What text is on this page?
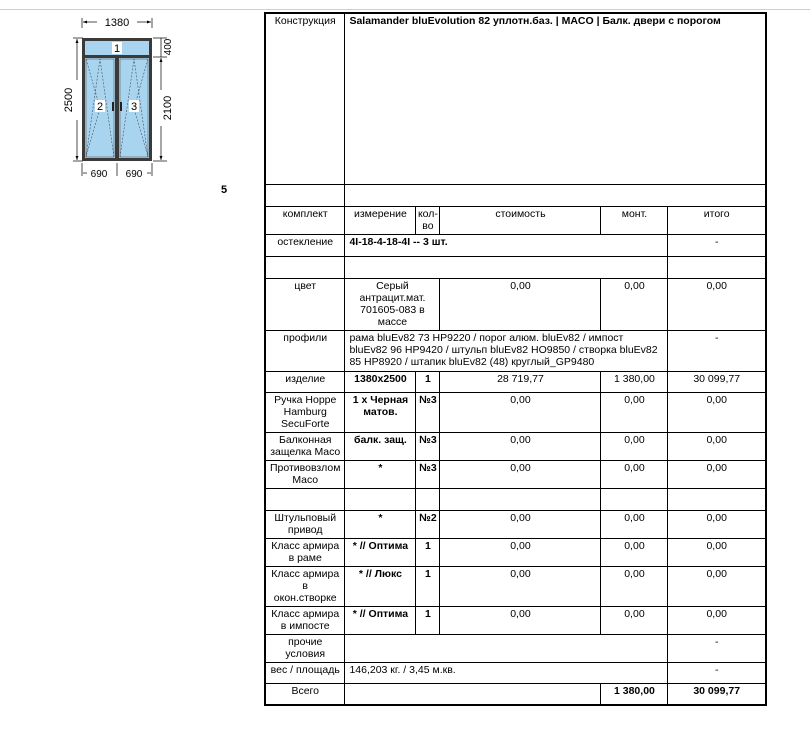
1380
2500
400
2100
690 690
1
2	3
5
Конструкция	Salamander bluEvolution 82 уплотн.баз. | MACO | Балк. двери с порогом				

комплект	измерение	кол-во	стоимость	монт.	итого
остекление	4I-18-4-18-4I -- 3 шт.				-

цвет	Серый антрацит.мат. 701605-083 в массе		0,00	0,00	0,00
профили	рама bluEv82 73 HP9220 / порог алюм. bluEv82 / импост bluEv82 96 HP9420 / штульп bluEv82 HO9850 / створка bluEv82 85 HP8920 / штапик bluEv82 (48) круглый_GP9480				-
изделие	1380x2500	1	28 719,77	1 380,00	30 099,77
Ручка Hoppe Hamburg SecuForte	1 x Черная матов.	№3	0,00	0,00	0,00
Балконная защелка Maco	балк. защ.	№3	0,00	0,00	0,00
Противовзлом Maco	*	№3	0,00	0,00	0,00

Штульповый привод	*	№2	0,00	0,00	0,00
Класс армира в раме	* // Оптима	1	0,00	0,00	0,00
Класс армира в окон.створке	* // Люкс	1	0,00	0,00	0,00
Класс армира в импосте	* // Оптима	1	0,00	0,00	0,00
прочие условия					-
вес / площадь	146,203 кг. / 3,45 м.кв.				-
Всего				1 380,00	30 099,77
